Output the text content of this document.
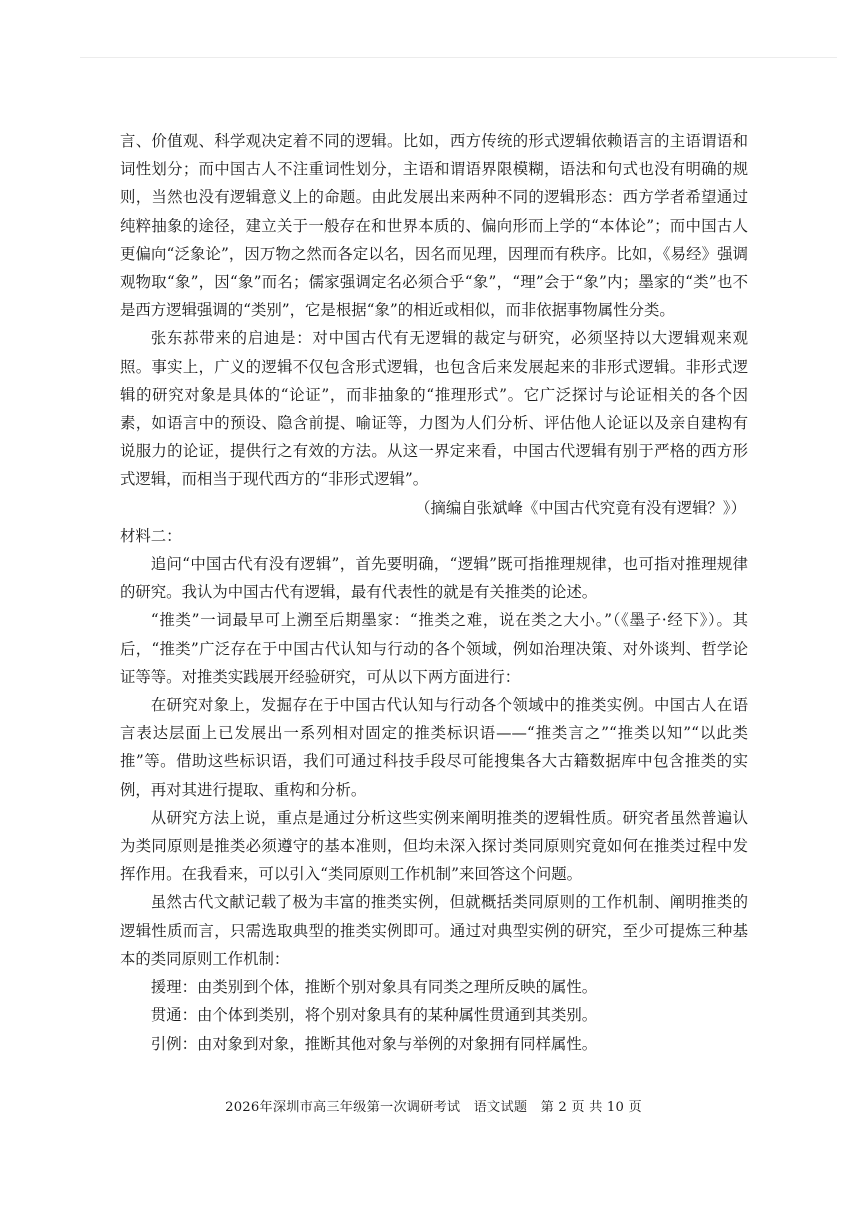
言、价值观、科学观决定着不同的逻辑。比如，西方传统的形式逻辑依赖语言的主语谓语和词性划分；而中国古人不注重词性划分，主语和谓语界限模糊，语法和句式也没有明确的规则，当然也没有逻辑意义上的命题。由此发展出来两种不同的逻辑形态：西方学者希望通过纯粹抽象的途径，建立关于一般存在和世界本质的、偏向形而上学的“本体论”；而中国古人更偏向“泛象论”，因万物之然而各定以名，因名而见理，因理而有秩序。比如，《易经》强调观物取“象”，因“象”而名；儒家强调定名必须合乎“象”，“理”会于“象”内；墨家的“类”也不是西方逻辑强调的“类别”，它是根据“象”的相近或相似，而非依据事物属性分类。

张东荪带来的启迪是：对中国古代有无逻辑的裁定与研究，必须坚持以大逻辑观来观照。事实上，广义的逻辑不仅包含形式逻辑，也包含后来发展起来的非形式逻辑。非形式逻辑的研究对象是具体的“论证”，而非抽象的“推理形式”。它广泛探讨与论证相关的各个因素，如语言中的预设、隐含前提、喻证等，力图为人们分析、评估他人论证以及亲自建构有说服力的论证，提供行之有效的方法。从这一界定来看，中国古代逻辑有别于严格的西方形式逻辑，而相当于现代西方的“非形式逻辑”。

（摘编自张斌峰《中国古代究竟有没有逻辑？》）

材料二：

追问“中国古代有没有逻辑”，首先要明确，“逻辑”既可指推理规律，也可指对推理规律的研究。我认为中国古代有逻辑，最有代表性的就是有关推类的论述。

“推类”一词最早可上溯至后期墨家：“推类之难，说在类之大小。”（《墨子·经下》）。其后，“推类”广泛存在于中国古代认知与行动的各个领域，例如治理决策、对外谈判、哲学论证等等。对推类实践展开经验研究，可从以下两方面进行：

在研究对象上，发掘存在于中国古代认知与行动各个领域中的推类实例。中国古人在语言表达层面上已发展出一系列相对固定的推类标识语——“推类言之”“推类以知”“以此类推”等。借助这些标识语，我们可通过科技手段尽可能搜集各大古籍数据库中包含推类的实例，再对其进行提取、重构和分析。

从研究方法上说，重点是通过分析这些实例来阐明推类的逻辑性质。研究者虽然普遍认为类同原则是推类必须遵守的基本准则，但均未深入探讨类同原则究竟如何在推类过程中发挥作用。在我看来，可以引入“类同原则工作机制”来回答这个问题。

虽然古代文献记载了极为丰富的推类实例，但就概括类同原则的工作机制、阐明推类的逻辑性质而言，只需选取典型的推类实例即可。通过对典型实例的研究，至少可提炼三种基本的类同原则工作机制：

援理：由类别到个体，推断个别对象具有同类之理所反映的属性。

贯通：由个体到类别，将个别对象具有的某种属性贯通到其类别。

引例：由对象到对象，推断其他对象与举例的对象拥有同样属性。

2026年深圳市高三年级第一次调研考试　语文试题　第 2 页 共 10 页
